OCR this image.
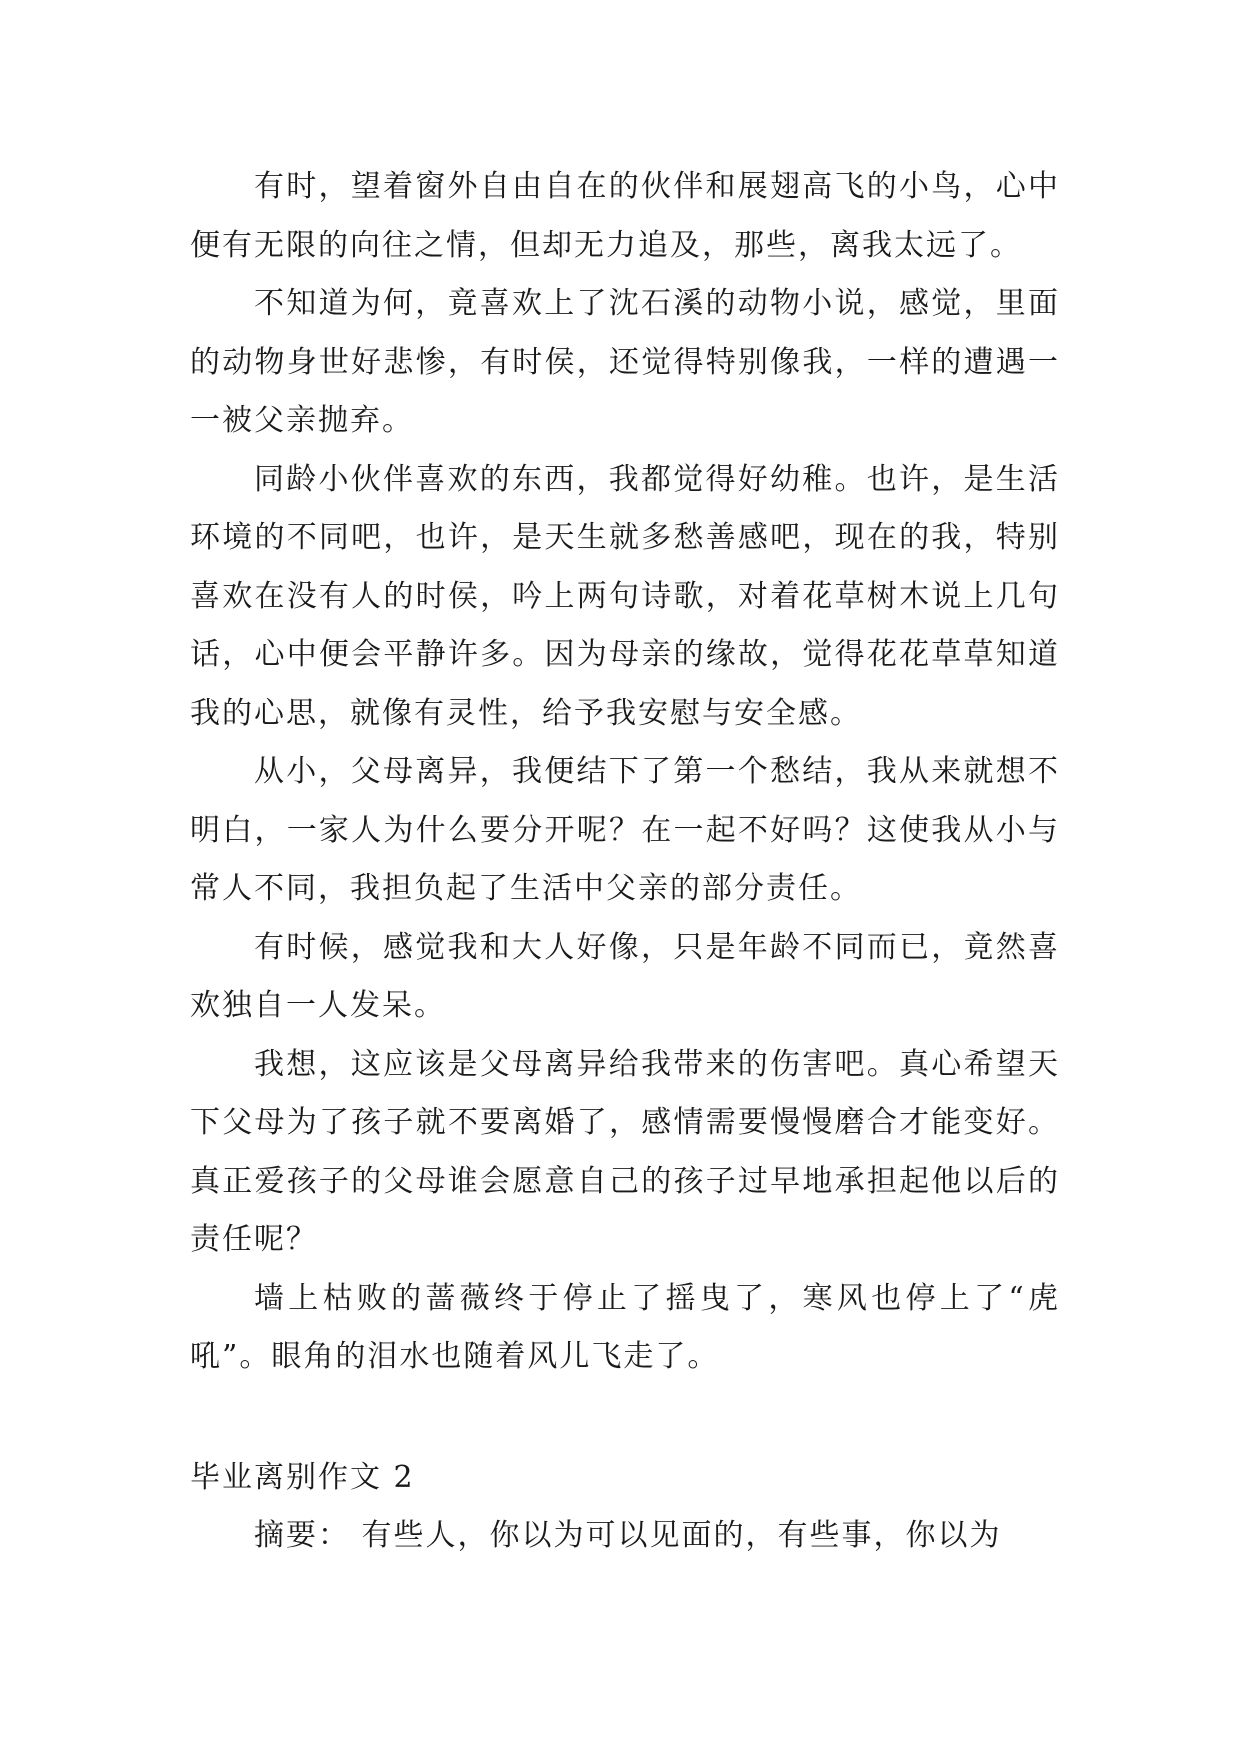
有时，望着窗外自由自在的伙伴和展翅高飞的小鸟，心中便有无限的向往之情，但却无力追及，那些，离我太远了。

不知道为何，竟喜欢上了沈石溪的动物小说，感觉，里面的动物身世好悲惨，有时侯，还觉得特别像我，一样的遭遇一一被父亲抛弃。

同龄小伙伴喜欢的东西，我都觉得好幼稚。也许，是生活环境的不同吧，也许，是天生就多愁善感吧，现在的我，特别喜欢在没有人的时侯，吟上两句诗歌，对着花草树木说上几句话，心中便会平静许多。因为母亲的缘故，觉得花花草草知道我的心思，就像有灵性，给予我安慰与安全感。

从小，父母离异，我便结下了第一个愁结，我从来就想不明白，一家人为什么要分开呢？在一起不好吗？这使我从小与常人不同，我担负起了生活中父亲的部分责任。

有时候，感觉我和大人好像，只是年龄不同而已，竟然喜欢独自一人发呆。

我想，这应该是父母离异给我带来的伤害吧。真心希望天下父母为了孩子就不要离婚了，感情需要慢慢磨合才能变好。真正爱孩子的父母谁会愿意自己的孩子过早地承担起他以后的责任呢？

墙上枯败的蔷薇终于停止了摇曳了，寒风也停上了“虎吼”。眼角的泪水也随着风儿飞走了。

毕业离别作文 2

摘要： 有些人，你以为可以见面的，有些事，你以为
